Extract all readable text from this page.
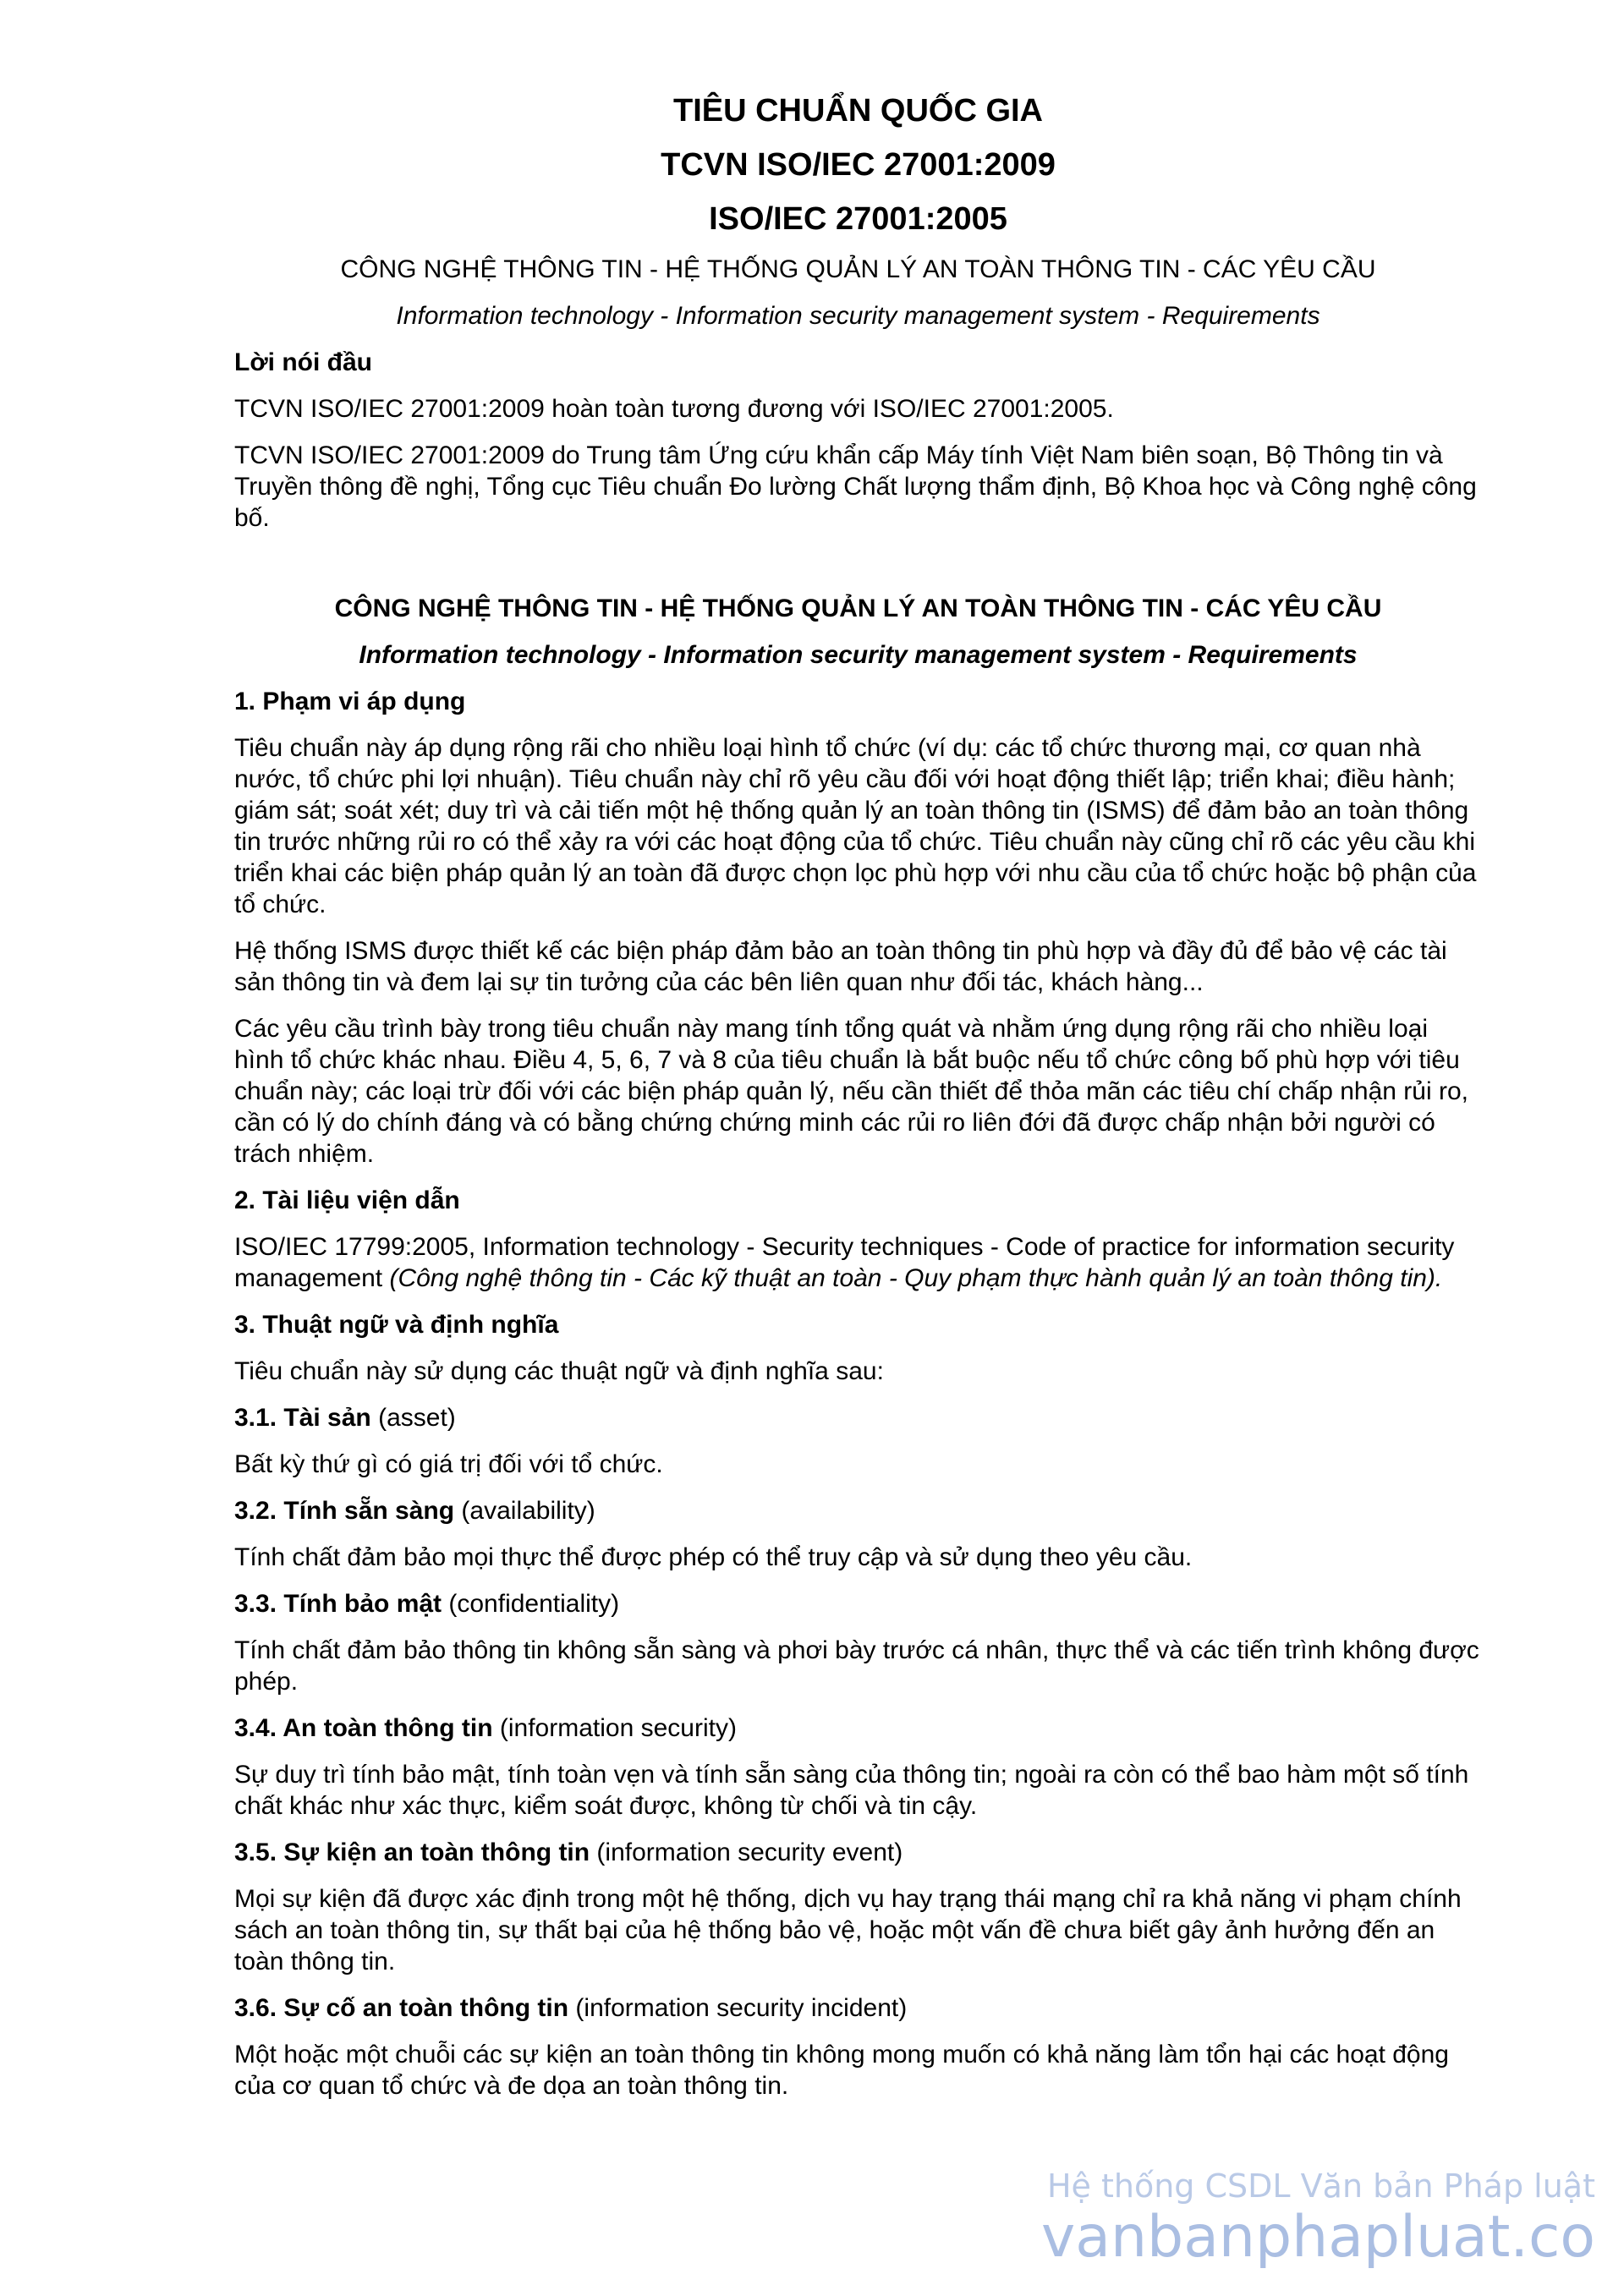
TIÊU CHUẨN QUỐC GIA
TCVN ISO/IEC 27001:2009
ISO/IEC 27001:2005
CÔNG NGHỆ THÔNG TIN - HỆ THỐNG QUẢN LÝ AN TOÀN THÔNG TIN - CÁC YÊU CẦU
Information technology - Information security management system - Requirements

Lời nói đầu

TCVN ISO/IEC 27001:2009 hoàn toàn tương đương với ISO/IEC 27001:2005.

TCVN ISO/IEC 27001:2009 do Trung tâm Ứng cứu khẩn cấp Máy tính Việt Nam biên soạn, Bộ Thông tin và Truyền thông đề nghị, Tổng cục Tiêu chuẩn Đo lường Chất lượng thẩm định, Bộ Khoa học và Công nghệ công bố.

CÔNG NGHỆ THÔNG TIN - HỆ THỐNG QUẢN LÝ AN TOÀN THÔNG TIN - CÁC YÊU CẦU
Information technology - Information security management system - Requirements

1. Phạm vi áp dụng

Tiêu chuẩn này áp dụng rộng rãi cho nhiều loại hình tổ chức (ví dụ: các tổ chức thương mại, cơ quan nhà nước, tổ chức phi lợi nhuận). Tiêu chuẩn này chỉ rõ yêu cầu đối với hoạt động thiết lập; triển khai; điều hành; giám sát; soát xét; duy trì và cải tiến một hệ thống quản lý an toàn thông tin (ISMS) để đảm bảo an toàn thông tin trước những rủi ro có thể xảy ra với các hoạt động của tổ chức. Tiêu chuẩn này cũng chỉ rõ các yêu cầu khi triển khai các biện pháp quản lý an toàn đã được chọn lọc phù hợp với nhu cầu của tổ chức hoặc bộ phận của tổ chức.

Hệ thống ISMS được thiết kế các biện pháp đảm bảo an toàn thông tin phù hợp và đầy đủ để bảo vệ các tài sản thông tin và đem lại sự tin tưởng của các bên liên quan như đối tác, khách hàng...

Các yêu cầu trình bày trong tiêu chuẩn này mang tính tổng quát và nhằm ứng dụng rộng rãi cho nhiều loại hình tổ chức khác nhau. Điều 4, 5, 6, 7 và 8 của tiêu chuẩn là bắt buộc nếu tổ chức công bố phù hợp với tiêu chuẩn này; các loại trừ đối với các biện pháp quản lý, nếu cần thiết để thỏa mãn các tiêu chí chấp nhận rủi ro, cần có lý do chính đáng và có bằng chứng chứng minh các rủi ro liên đới đã được chấp nhận bởi người có trách nhiệm.

2. Tài liệu viện dẫn

ISO/IEC 17799:2005, Information technology - Security techniques - Code of practice for information security management (Công nghệ thông tin - Các kỹ thuật an toàn - Quy phạm thực hành quản lý an toàn thông tin).

3. Thuật ngữ và định nghĩa

Tiêu chuẩn này sử dụng các thuật ngữ và định nghĩa sau:

3.1. Tài sản (asset)

Bất kỳ thứ gì có giá trị đối với tổ chức.

3.2. Tính sẵn sàng (availability)

Tính chất đảm bảo mọi thực thể được phép có thể truy cập và sử dụng theo yêu cầu.

3.3. Tính bảo mật (confidentiality)

Tính chất đảm bảo thông tin không sẵn sàng và phơi bày trước cá nhân, thực thể và các tiến trình không được phép.

3.4. An toàn thông tin (information security)

Sự duy trì tính bảo mật, tính toàn vẹn và tính sẵn sàng của thông tin; ngoài ra còn có thể bao hàm một số tính chất khác như xác thực, kiểm soát được, không từ chối và tin cậy.

3.5. Sự kiện an toàn thông tin (information security event)

Mọi sự kiện đã được xác định trong một hệ thống, dịch vụ hay trạng thái mạng chỉ ra khả năng vi phạm chính sách an toàn thông tin, sự thất bại của hệ thống bảo vệ, hoặc một vấn đề chưa biết gây ảnh hưởng đến an toàn thông tin.

3.6. Sự cố an toàn thông tin (information security incident)

Một hoặc một chuỗi các sự kiện an toàn thông tin không mong muốn có khả năng làm tổn hại các hoạt động của cơ quan tổ chức và đe dọa an toàn thông tin.

Hệ thống CSDL Văn bản Pháp luật
vanbanphapluat.co
